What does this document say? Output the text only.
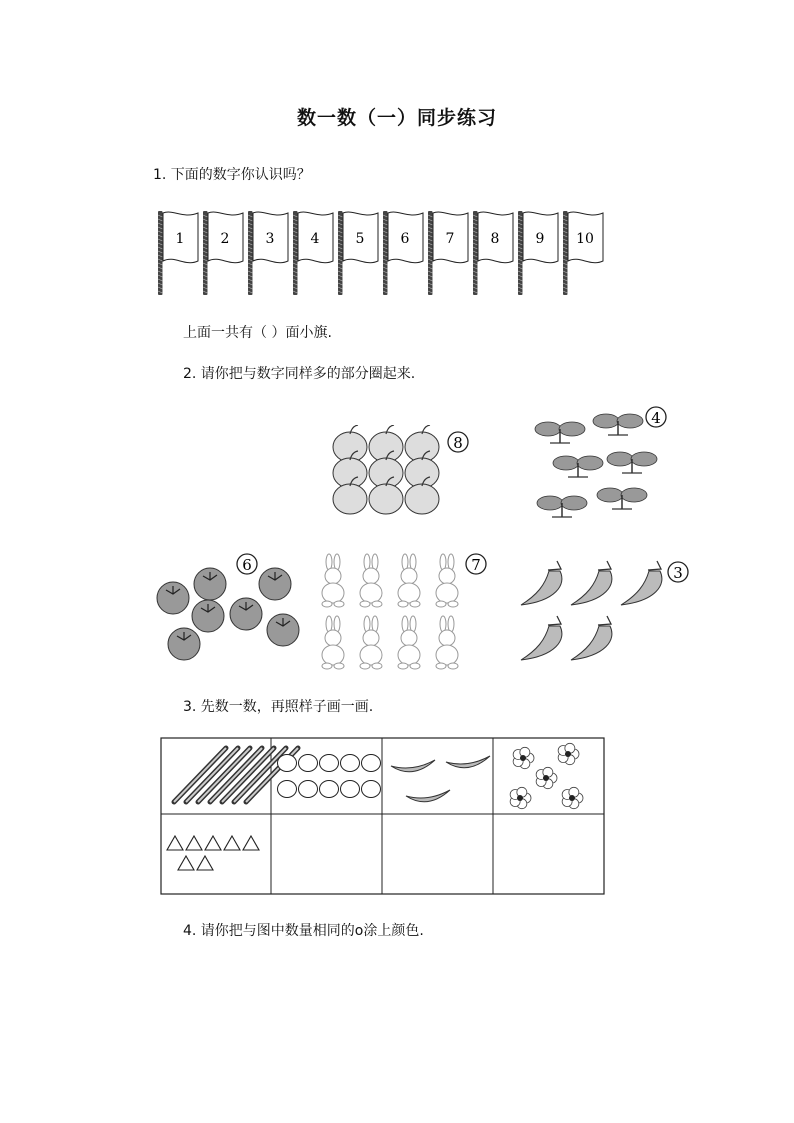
数一数（一）同步练习
1. 下面的数字你认识吗？
1	2	3	4	5	6	7	8	9 10
上面一共有（ ）面小旗.
2. 请你把与数字同样多的部分圈起来.
8
4
6	7	3
3. 先数一数，再照样子画一画.
4. 请你把与图中数量相同的o涂上颜色.
